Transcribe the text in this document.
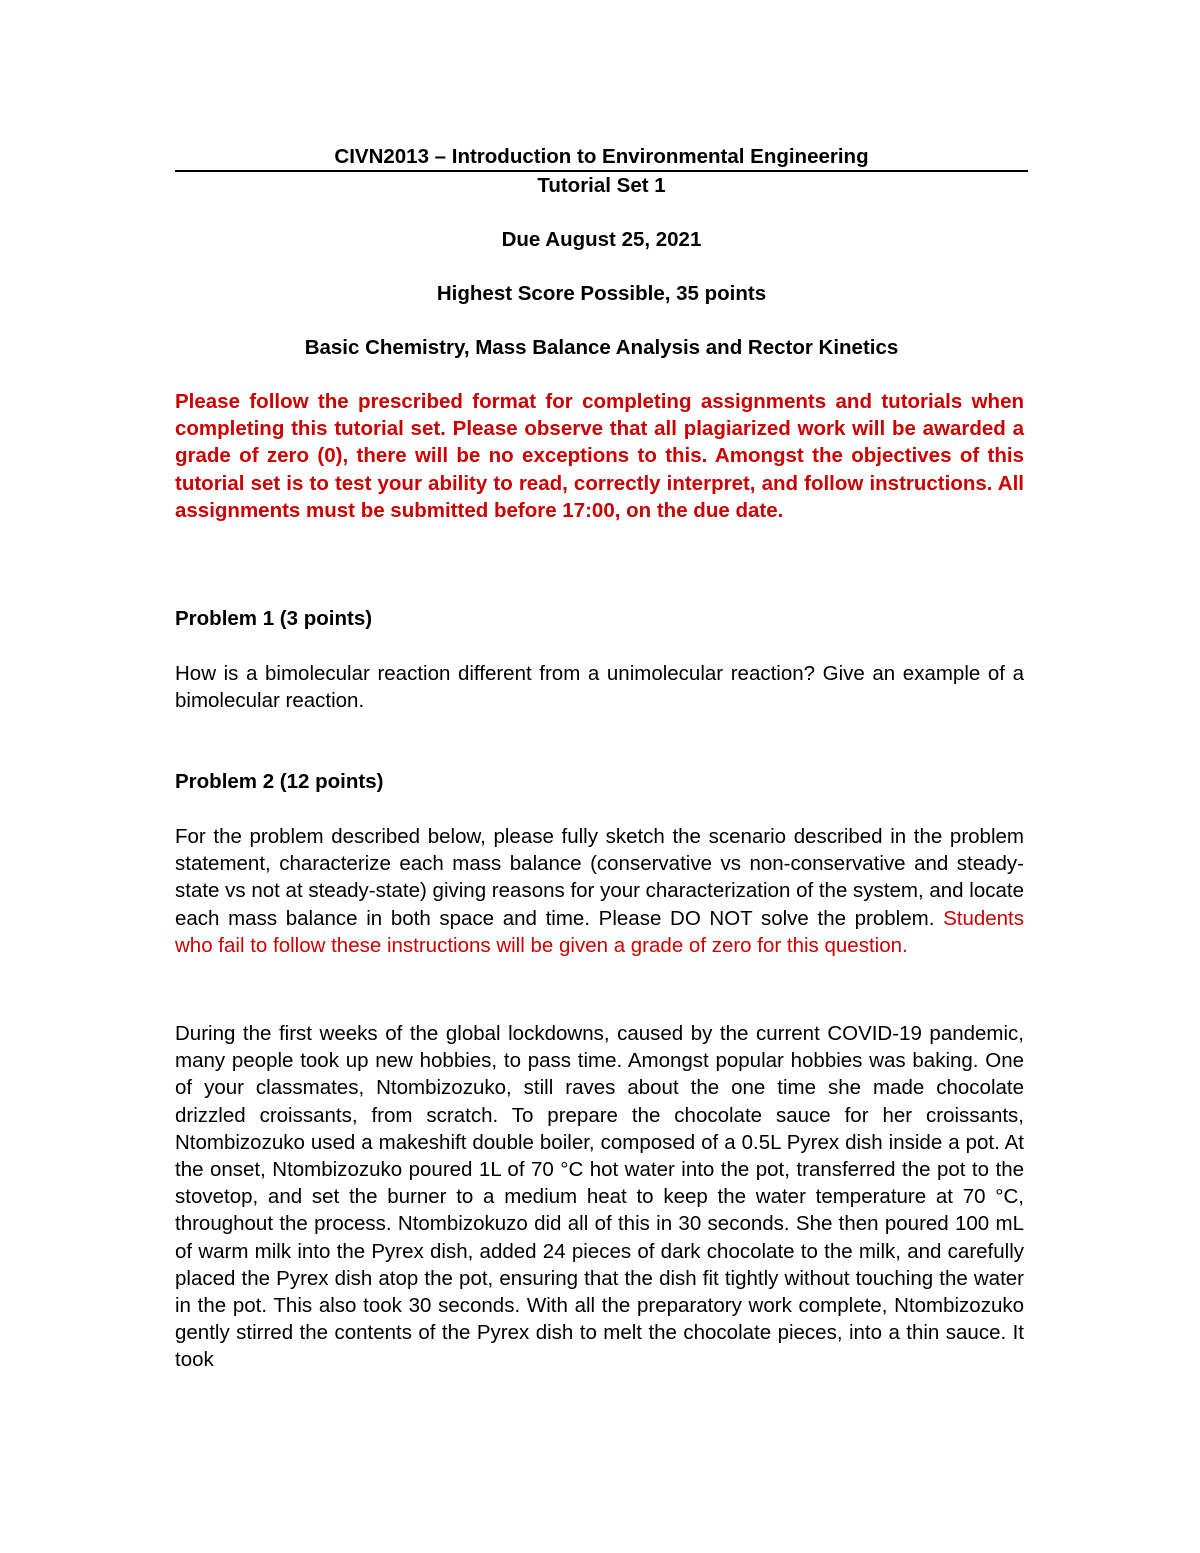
CIVN2013 – Introduction to Environmental Engineering
Tutorial Set 1
Due August 25, 2021
Highest Score Possible, 35 points
Basic Chemistry, Mass Balance Analysis and Rector Kinetics

Please follow the prescribed format for completing assignments and tutorials when completing this tutorial set. Please observe that all plagiarized work will be awarded a grade of zero (0), there will be no exceptions to this. Amongst the objectives of this tutorial set is to test your ability to read, correctly interpret, and follow instructions. All assignments must be submitted before 17:00, on the due date.

Problem 1 (3 points)

How is a bimolecular reaction different from a unimolecular reaction? Give an example of a bimolecular reaction.

Problem 2 (12 points)

For the problem described below, please fully sketch the scenario described in the problem statement, characterize each mass balance (conservative vs non-conservative and steady-state vs not at steady-state) giving reasons for your characterization of the system, and locate each mass balance in both space and time. Please DO NOT solve the problem. Students who fail to follow these instructions will be given a grade of zero for this question.

During the first weeks of the global lockdowns, caused by the current COVID-19 pandemic, many people took up new hobbies, to pass time. Amongst popular hobbies was baking. One of your classmates, Ntombizozuko, still raves about the one time she made chocolate drizzled croissants, from scratch. To prepare the chocolate sauce for her croissants, Ntombizozuko used a makeshift double boiler, composed of a 0.5L Pyrex dish inside a pot. At the onset, Ntombizozuko poured 1L of 70 °C hot water into the pot, transferred the pot to the stovetop, and set the burner to a medium heat to keep the water temperature at 70 °C, throughout the process. Ntombizokuzo did all of this in 30 seconds. She then poured 100 mL of warm milk into the Pyrex dish, added 24 pieces of dark chocolate to the milk, and carefully placed the Pyrex dish atop the pot, ensuring that the dish fit tightly without touching the water in the pot. This also took 30 seconds. With all the preparatory work complete, Ntombizozuko gently stirred the contents of the Pyrex dish to melt the chocolate pieces, into a thin sauce. It took
